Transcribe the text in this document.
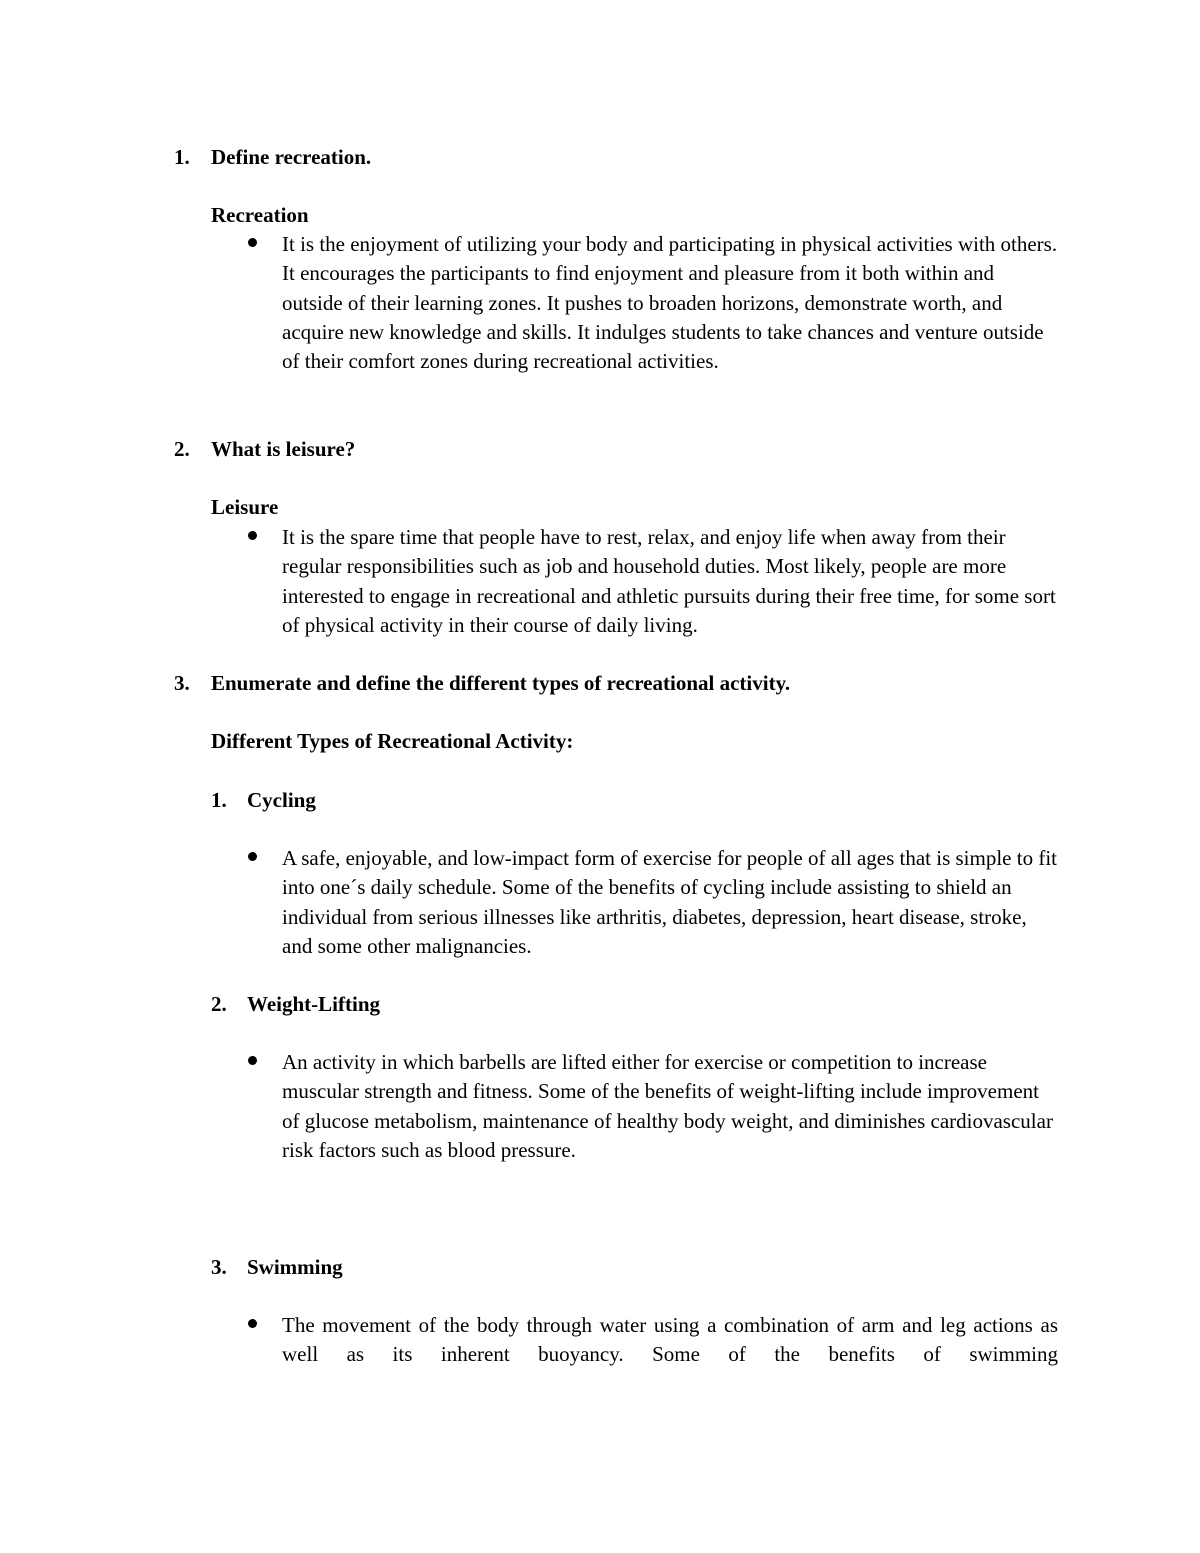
1. Define recreation.
Recreation
It is the enjoyment of utilizing your body and participating in physical activities with others. It encourages the participants to find enjoyment and pleasure from it both within and outside of their learning zones. It pushes to broaden horizons, demonstrate worth, and acquire new knowledge and skills. It indulges students to take chances and venture outside of their comfort zones during recreational activities.
2. What is leisure?
Leisure
It is the spare time that people have to rest, relax, and enjoy life when away from their regular responsibilities such as job and household duties. Most likely, people are more interested to engage in recreational and athletic pursuits during their free time, for some sort of physical activity in their course of daily living.
3. Enumerate and define the different types of recreational activity.
Different Types of Recreational Activity:
1. Cycling
A safe, enjoyable, and low-impact form of exercise for people of all ages that is simple to fit into one´s daily schedule. Some of the benefits of cycling include assisting to shield an individual from serious illnesses like arthritis, diabetes, depression, heart disease, stroke, and some other malignancies.
2. Weight-Lifting
An activity in which barbells are lifted either for exercise or competition to increase muscular strength and fitness. Some of the benefits of weight-lifting include improvement of glucose metabolism, maintenance of healthy body weight, and diminishes cardiovascular risk factors such as blood pressure.
3. Swimming
The movement of the body through water using a combination of arm and leg actions as well as its inherent buoyancy. Some of the benefits of swimming
